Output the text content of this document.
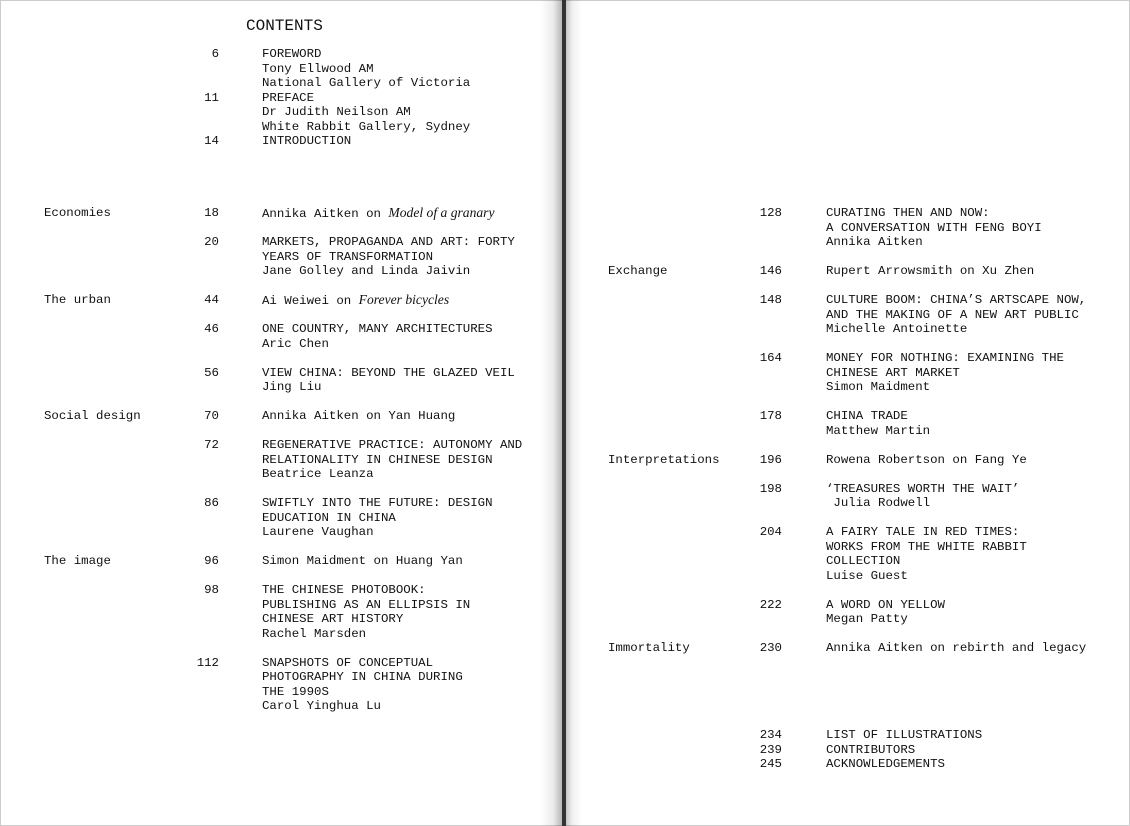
CONTENTS
6	FOREWORD
Tony Ellwood AM
National Gallery of Victoria
11	PREFACE
Dr Judith Neilson AM
White Rabbit Gallery, Sydney
14	INTRODUCTION
Economies	18	Annika Aitken on Model of a granary
20	MARKETS, PROPAGANDA AND ART: FORTY
YEARS OF TRANSFORMATION
Jane Golley and Linda Jaivin
The urban	44	Ai Weiwei on Forever bicycles
46	ONE COUNTRY, MANY ARCHITECTURES
Aric Chen
56	VIEW CHINA: BEYOND THE GLAZED VEIL
Jing Liu
Social design	70	Annika Aitken on Yan Huang
72	REGENERATIVE PRACTICE: AUTONOMY AND
RELATIONALITY IN CHINESE DESIGN
Beatrice Leanza
86	SWIFTLY INTO THE FUTURE: DESIGN
EDUCATION IN CHINA
Laurene Vaughan
The image	96	Simon Maidment on Huang Yan
98	THE CHINESE PHOTOBOOK:
PUBLISHING AS AN ELLIPSIS IN
CHINESE ART HISTORY
Rachel Marsden
112	SNAPSHOTS OF CONCEPTUAL
PHOTOGRAPHY IN CHINA DURING
THE 1990S
Carol Yinghua Lu
128	CURATING THEN AND NOW:
A CONVERSATION WITH FENG BOYI
Annika Aitken
Exchange	146	Rupert Arrowsmith on Xu Zhen
148	CULTURE BOOM: CHINA’S ARTSCAPE NOW,
AND THE MAKING OF A NEW ART PUBLIC
Michelle Antoinette
164	MONEY FOR NOTHING: EXAMINING THE
CHINESE ART MARKET
Simon Maidment
178	CHINA TRADE
Matthew Martin
Interpretations	196	Rowena Robertson on Fang Ye
198	‘TREASURES WORTH THE WAIT’
Julia Rodwell
204	A FAIRY TALE IN RED TIMES:
WORKS FROM THE WHITE RABBIT
COLLECTION
Luise Guest
222	A WORD ON YELLOW
Megan Patty
Immortality	230	Annika Aitken on rebirth and legacy
234	LIST OF ILLUSTRATIONS
239	CONTRIBUTORS
245	ACKNOWLEDGEMENTS
